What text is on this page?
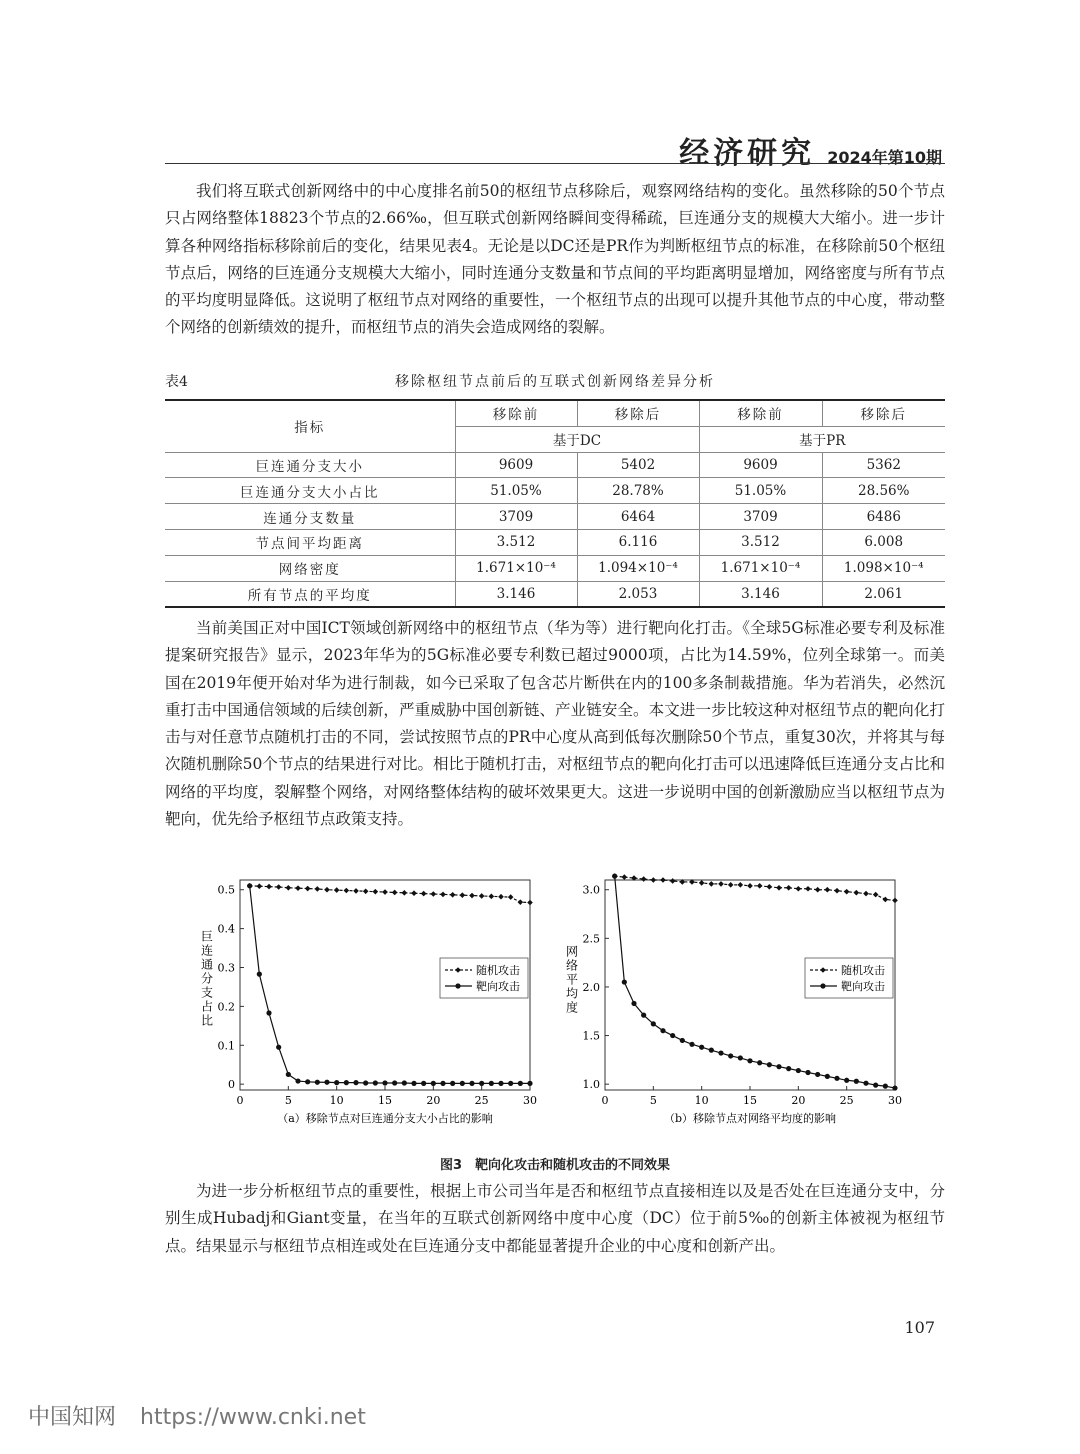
经济研究 2024年第10期

我们将互联式创新网络中的中心度排名前50的枢纽节点移除后，观察网络结构的变化。虽然移除的50个节点只占网络整体18823个节点的2.66‰，但互联式创新网络瞬间变得稀疏，巨连通分支的规模大大缩小。进一步计算各种网络指标移除前后的变化，结果见表4。无论是以DC还是PR作为判断枢纽节点的标准，在移除前50个枢纽节点后，网络的巨连通分支规模大大缩小，同时连通分支数量和节点间的平均距离明显增加，网络密度与所有节点的平均度明显降低。这说明了枢纽节点对网络的重要性，一个枢纽节点的出现可以提升其他节点的中心度，带动整个网络的创新绩效的提升，而枢纽节点的消失会造成网络的裂解。

表4	移除枢纽节点前后的互联式创新网络差异分析
指标	移除前	移除后	移除前	移除后
	基于DC		基于PR	
巨连通分支大小	9609	5402	9609	5362
巨连通分支大小占比	51.05%	28.78%	51.05%	28.56%
连通分支数量	3709	6464	3709	6486
节点间平均距离	3.512	6.116	3.512	6.008
网络密度	1.671×10⁻⁴	1.094×10⁻⁴	1.671×10⁻⁴	1.098×10⁻⁴
所有节点的平均度	3.146	2.053	3.146	2.061

当前美国正对中国ICT领域创新网络中的枢纽节点（华为等）进行靶向化打击。《全球5G标准必要专利及标准提案研究报告》显示，2023年华为的5G标准必要专利数已超过9000项，占比为14.59%，位列全球第一。而美国在2019年便开始对华为进行制裁，如今已采取了包含芯片断供在内的100多条制裁措施。华为若消失，必然沉重打击中国通信领域的后续创新，严重威胁中国创新链、产业链安全。本文进一步比较这种对枢纽节点的靶向化打击与对任意节点随机打击的不同，尝试按照节点的PR中心度从高到低每次删除50个节点，重复30次，并将其与每次随机删除50个节点的结果进行对比。相比于随机打击，对枢纽节点的靶向化打击可以迅速降低巨连通分支占比和网络的平均度，裂解整个网络，对网络整体结构的破坏效果更大。这进一步说明中国的创新激励应当以枢纽节点为靶向，优先给予枢纽节点政策支持。

0	5	10	15	20	25	30
0
0.1
0.2
0.3
0.4
0.5
巨连通分支占比
随机攻击
靶向攻击
（a）移除节点对巨连通分支大小占比的影响
0	5	10	15	20	25	30
1.0
1.5
2.0
2.5
3.0
网络平均度
随机攻击
靶向攻击
（b）移除节点对网络平均度的影响
图3　靶向化攻击和随机攻击的不同效果

为进一步分析枢纽节点的重要性，根据上市公司当年是否和枢纽节点直接相连以及是否处在巨连通分支中，分别生成Hubadj和Giant变量，在当年的互联式创新网络中度中心度（DC）位于前5‰的创新主体被视为枢纽节点。结果显示与枢纽节点相连或处在巨连通分支中都能显著提升企业的中心度和创新产出。

107
中国知网 https://www.cnki.net
